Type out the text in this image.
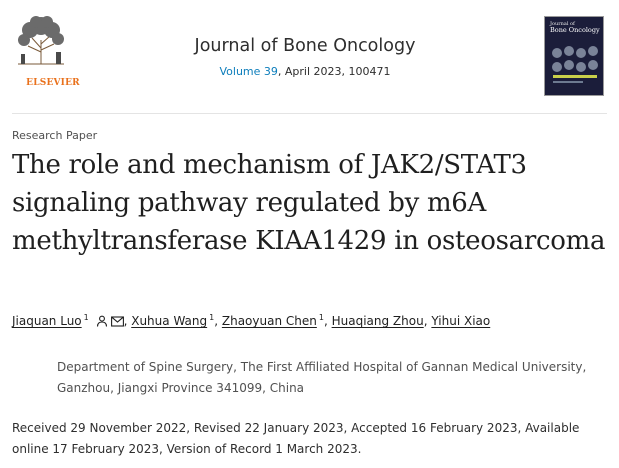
ELSEVIER
Journal of Bone Oncology
Volume 39, April 2023, 100471
Journal of
Bone Oncology
Research Paper
The role and mechanism of JAK2/STAT3 signaling pathway regulated by m6A methyltransferase KIAA1429 in osteosarcoma
Jiaquan Luo $^1$	, Xuhua Wang $^1$, Zhaoyuan Chen $^1$, Huaqiang Zhou, Yihui Xiao
Department of Spine Surgery, The First Affiliated Hospital of Gannan Medical University, Ganzhou, Jiangxi Province 341099, China
Received 29 November 2022, Revised 22 January 2023, Accepted 16 February 2023, Available online 17 February 2023, Version of Record 1 March 2023.
